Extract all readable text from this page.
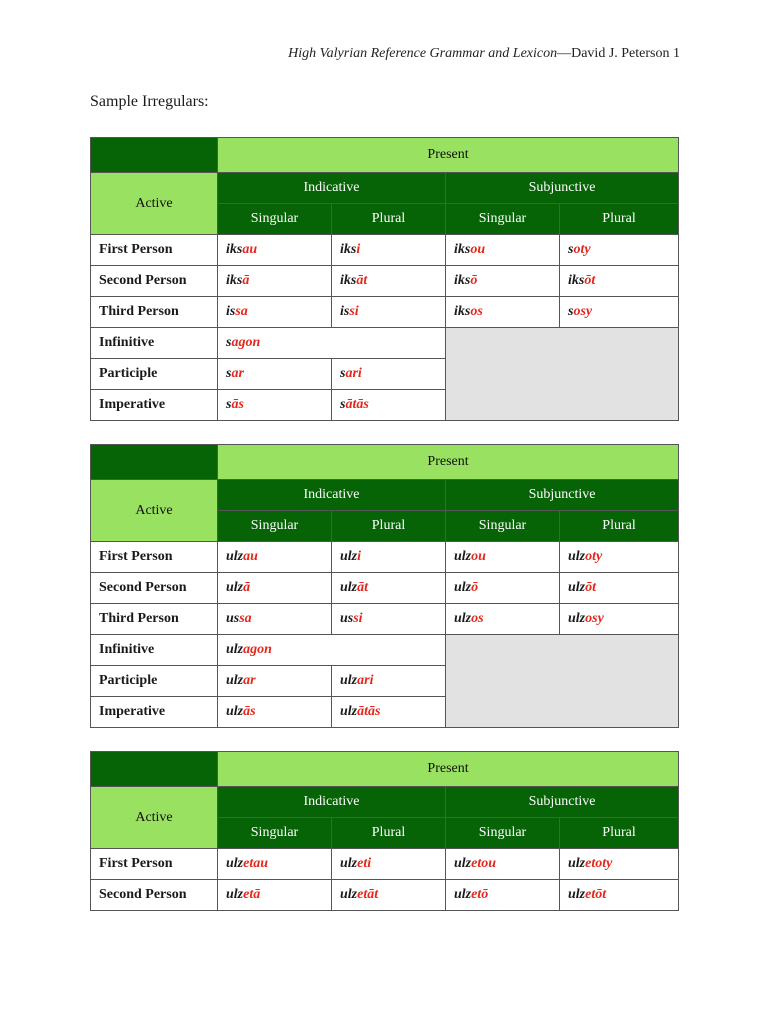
High Valyrian Reference Grammar and Lexicon—David J. Peterson 1
Sample Irregulars:
	Present			
Active	Indicative		Subjunctive	
	Singular	Plural	Singular	Plural
First Person	iksau	iksi	iksou	soty
Second Person	iksā	iksāt	iksō	iksōt
Third Person	issa	issi	iksos	sosy
Infinitive	sagon			
Participle	sar	sari		
Imperative	sās	sātās		
	Present			
Active	Indicative		Subjunctive	
	Singular	Plural	Singular	Plural
First Person	ulzau	ulzi	ulzou	ulzoty
Second Person	ulzā	ulzāt	ulzō	ulzōt
Third Person	ussa	ussi	ulzos	ulzosy
Infinitive	ulzagon			
Participle	ulzar	ulzari		
Imperative	ulzās	ulzātās		
	Present			
Active	Indicative		Subjunctive	
	Singular	Plural	Singular	Plural
First Person	ulzetau	ulzeti	ulzetou	ulzetoty
Second Person	ulzetā	ulzetāt	ulzetō	ulzetōt
